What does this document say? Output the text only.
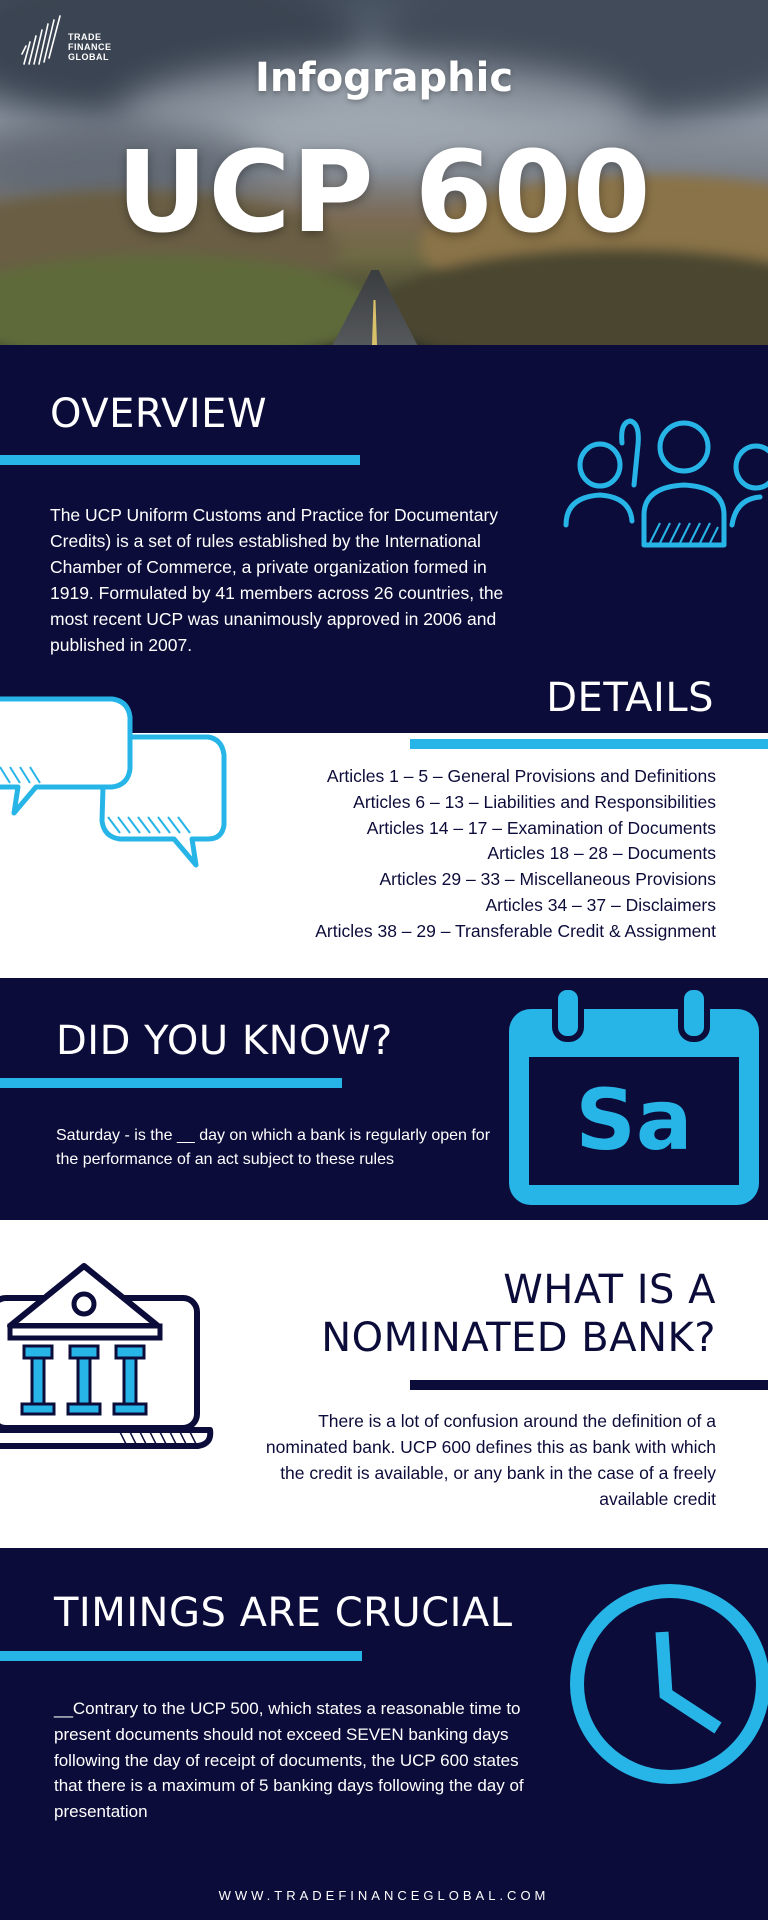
TRADE
FINANCE
GLOBAL	Infographic
UCP 600
OVERVIEW
The UCP Uniform Customs and Practice for Documentary Credits) is a set of rules established by the International Chamber of Commerce, a private organization formed in 1919. Formulated by 41 members across 26 countries, the most recent UCP was unanimously approved in 2006 and published in 2007.
DETAILS
Articles 1 – 5 – General Provisions and Definitions
Articles 6 – 13 – Liabilities and Responsibilities
Articles 14 – 17 – Examination of Documents
Articles 18 – 28 – Documents
Articles 29 – 33 – Miscellaneous Provisions
Articles 34 – 37 – Disclaimers
Articles 38 – 29 – Transferable Credit & Assignment
DID YOU KNOW?
Saturday - is the __ day on which a bank is regularly open for the performance of an act subject to these rules	Sa
WHAT IS A
NOMINATED BANK?
There is a lot of confusion around the definition of a nominated bank. UCP 600 defines this as bank with which the credit is available, or any bank in the case of a freely available credit
TIMINGS ARE CRUCIAL
__Contrary to the UCP 500, which states a reasonable time to present documents should not exceed SEVEN banking days following the day of receipt of documents, the UCP 600 states that there is a maximum of 5 banking days following the day of presentation
WWW.TRADEFINANCEGLOBAL.COM
